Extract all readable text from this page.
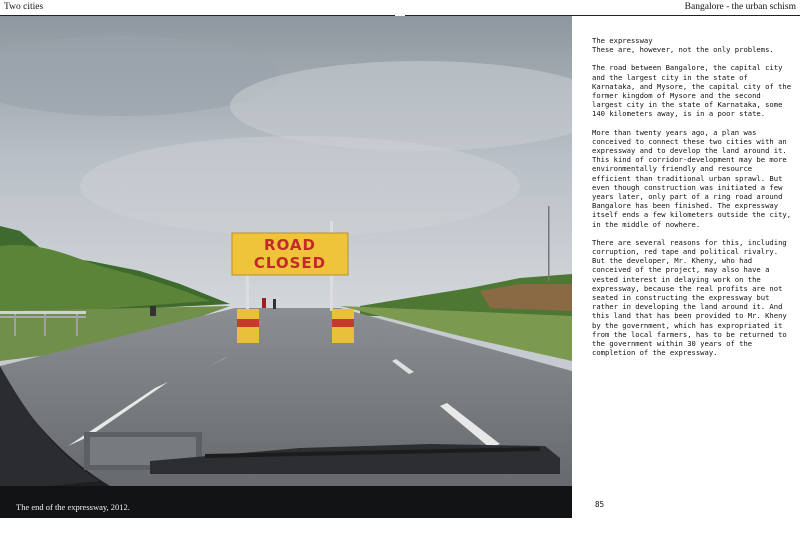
Two cities	Bangalore - the urban schism
ROAD
CLOSED
The end of the expressway, 2012.
The expressway

These are, however, not the only problems.

The road between Bangalore, the capital city and the largest city in the state of Karnataka, and Mysore, the capital city of the former kingdom of Mysore and the second largest city in the state of Karnataka, some 140 kilometers away, is in a poor state.

More than twenty years ago, a plan was conceived to connect these two cities with an expressway and to develop the land around it. This kind of corridor-development may be more environmentally friendly and resource efficient than traditional urban sprawl. But even though construction was initiated a few years later, only part of a ring road around Bangalore has been finished. The expressway itself ends a few kilometers outside the city, in the middle of nowhere.

There are several reasons for this, including corruption, red tape and political rivalry. But the developer, Mr. Kheny, who had conceived of the project, may also have a vested interest in delaying work on the expressway, because the real profits are not seated in constructing the expressway but rather in developing the land around it. And this land that has been provided to Mr. Kheny by the government, which has expropriated it from the local farmers, has to be returned to the government within 30 years of the completion of the expressway.

85
